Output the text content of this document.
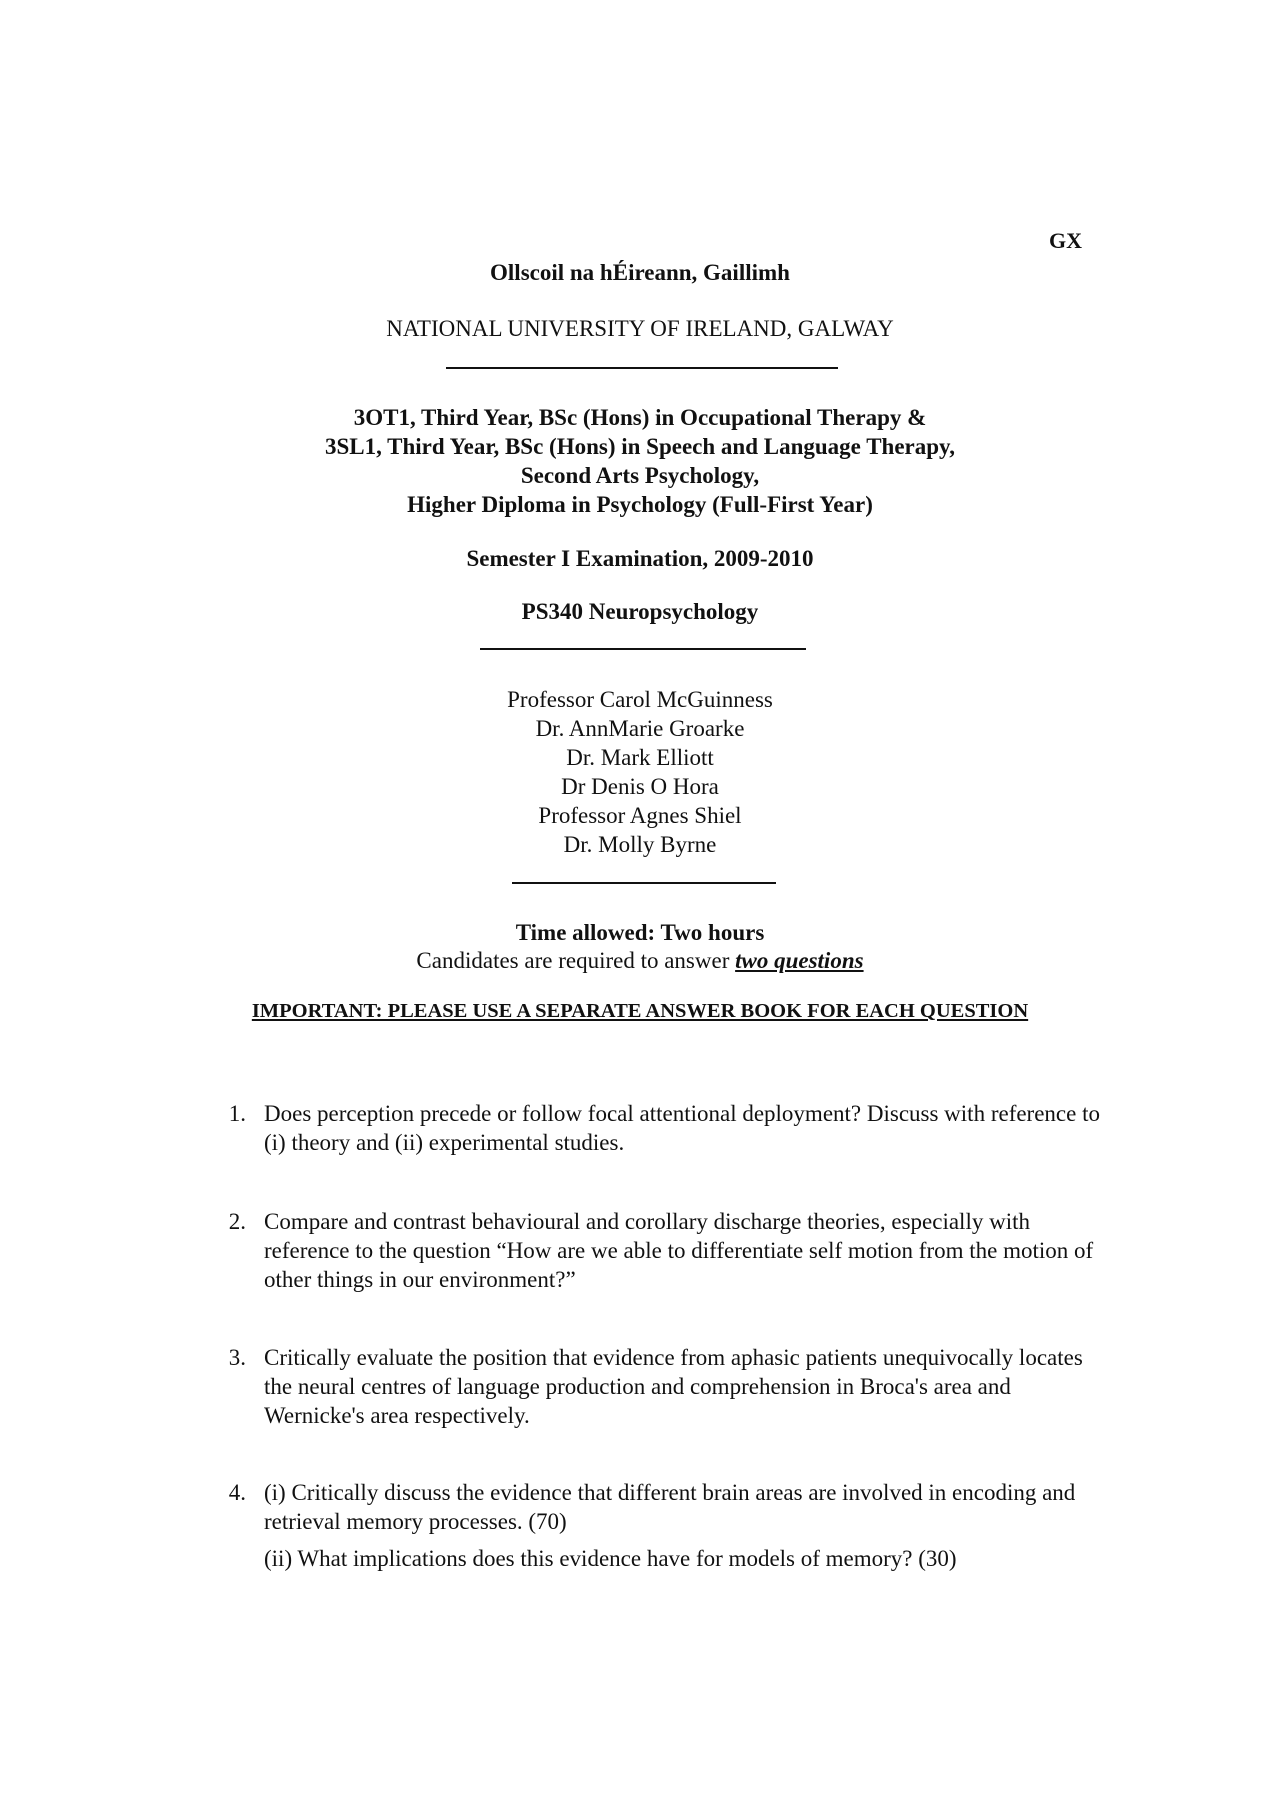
GX

Ollscoil na hÉireann, Gaillimh

NATIONAL UNIVERSITY OF IRELAND, GALWAY

3OT1, Third Year, BSc (Hons) in Occupational Therapy &
3SL1, Third Year, BSc (Hons) in Speech and Language Therapy,
Second Arts Psychology,
Higher Diploma in Psychology (Full-First Year)

Semester I Examination, 2009-2010

PS340 Neuropsychology

Professor Carol McGuinness
Dr. AnnMarie Groarke
Dr. Mark Elliott
Dr Denis O Hora
Professor Agnes Shiel
Dr. Molly Byrne

Time allowed: Two hours

Candidates are required to answer two questions

IMPORTANT: PLEASE USE A SEPARATE ANSWER BOOK FOR EACH QUESTION

1. Does perception precede or follow focal attentional deployment? Discuss with reference to (i) theory and (ii) experimental studies.
2. Compare and contrast behavioural and corollary discharge theories, especially with reference to the question “How are we able to differentiate self motion from the motion of other things in our environment?”
3. Critically evaluate the position that evidence from aphasic patients unequivocally locates the neural centres of language production and comprehension in Broca's area and Wernicke's area respectively.
4. (i) Critically discuss the evidence that different brain areas are involved in encoding and retrieval memory processes. (70)
(ii) What implications does this evidence have for models of memory? (30)
